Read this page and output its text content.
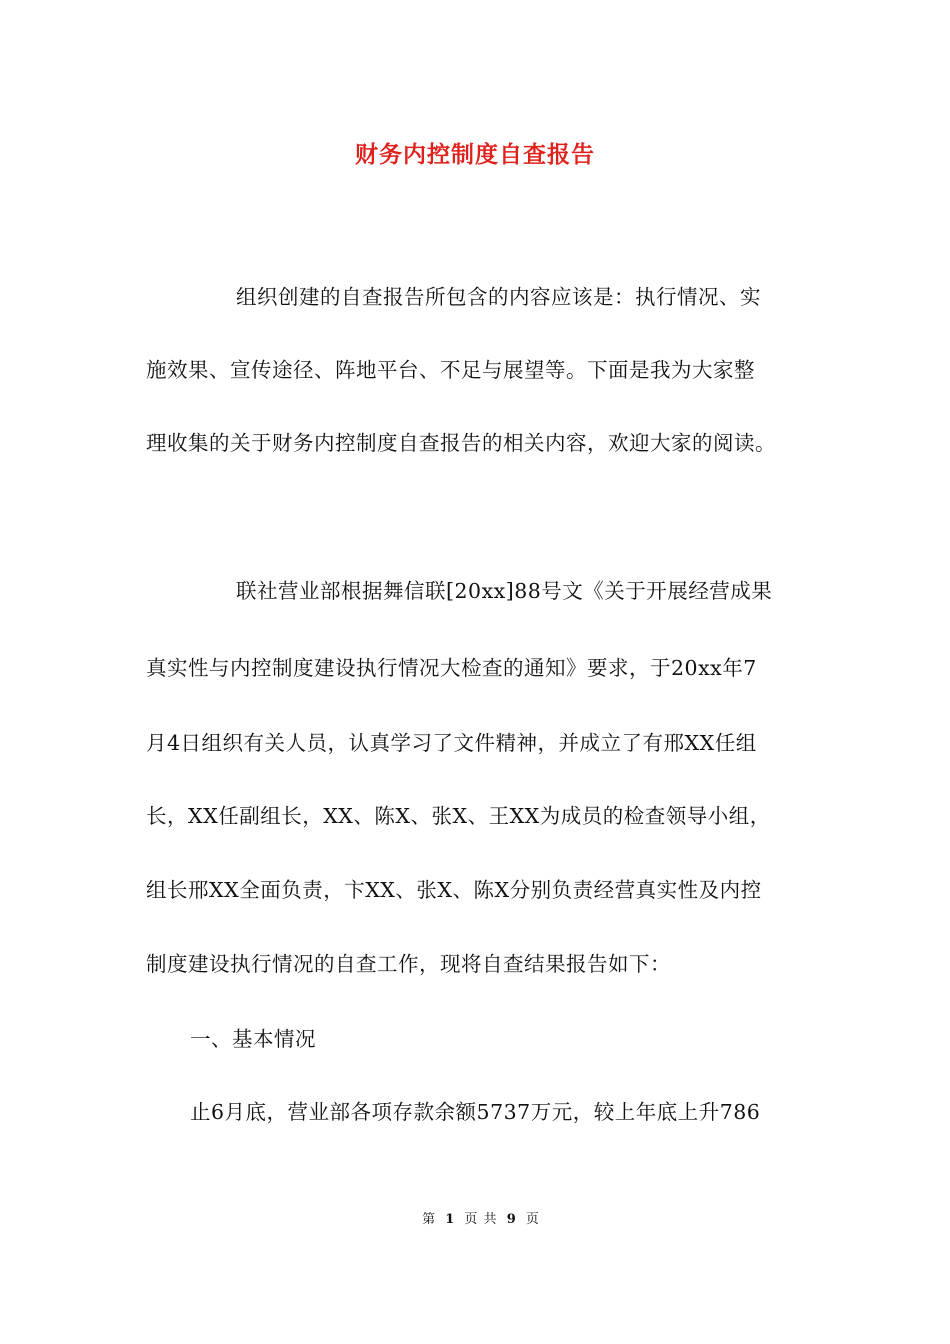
财务内控制度自查报告
组织创建的自查报告所包含的内容应该是：执行情况、实
施效果、宣传途径、阵地平台、不足与展望等。下面是我为大家整
理收集的关于财务内控制度自查报告的相关内容，欢迎大家的阅读。
联社营业部根据舞信联[20xx]88号文《关于开展经营成果
真实性与内控制度建设执行情况大检查的通知》要求，于20xx年7
月4日组织有关人员，认真学习了文件精神，并成立了有邢XX任组
长，XX任副组长，XX、陈X、张X、王XX为成员的检查领导小组，
组长邢XX全面负责，卞XX、张X、陈X分别负责经营真实性及内控
制度建设执行情况的自查工作，现将自查结果报告如下：
一、基本情况
止6月底，营业部各项存款余额5737万元，较上年底上升786
第 1 页 共 9 页
